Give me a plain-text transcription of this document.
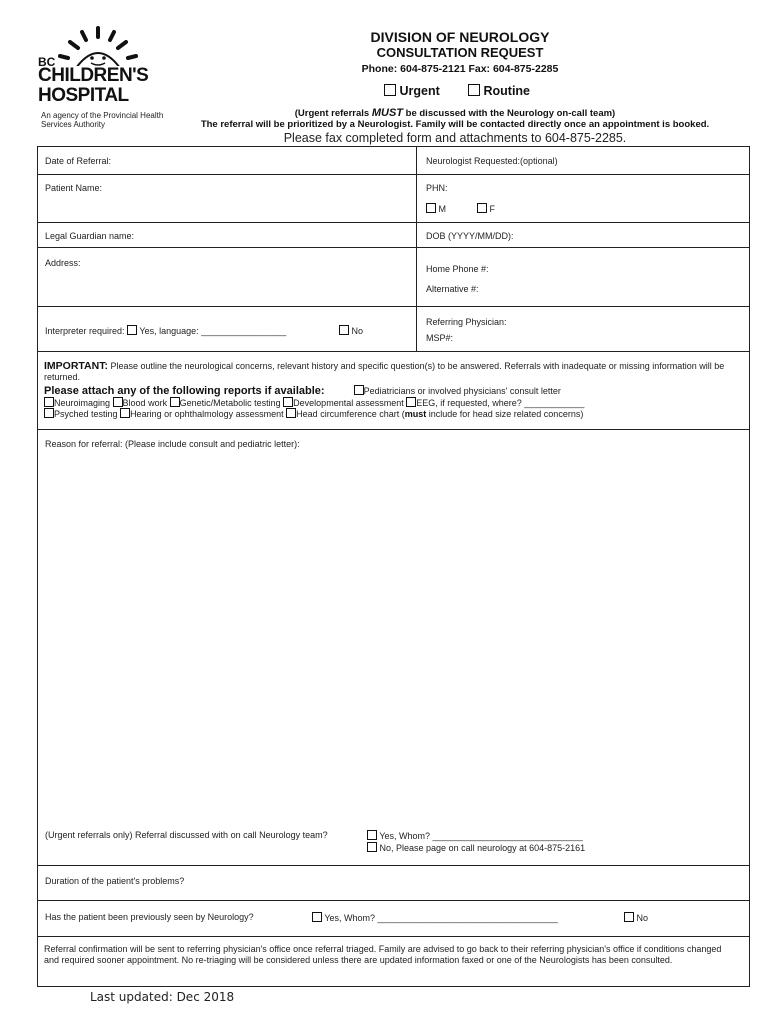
BC
CHILDREN'S
HOSPITAL
An agency of the Provincial Health Services Authority
DIVISION OF NEUROLOGY
CONSULTATION REQUEST
Phone: 604-875-2121 Fax: 604-875-2285
Urgent	Routine
(Urgent referrals MUST be discussed with the Neurology on-call team)
The referral will be prioritized by a Neurologist. Family will be contacted directly once an appointment is booked.
Please fax completed form and attachments to 604-875-2285.
Date of Referral:	Neurologist Requested:(optional)
Patient Name:	PHN:
M	F
Legal Guardian name:	DOB (YYYY/MM/DD):
Address:
Home Phone #:
Alternative #:
Interpreter required: Yes, language: _________________	No
Referring Physician:
MSP#:
IMPORTANT: Please outline the neurological concerns, relevant history and specific question(s) to be answered. Referrals with inadequate or missing information will be returned.
Please attach any of the following reports if available:	Pediatricians or involved physicians' consult letter
Neuroimaging Blood work Genetic/Metabolic testing Developmental assessment EEG, if requested, where? ____________
Psyched testing Hearing or ophthalmology assessment Head circumference chart (must include for head size related concerns)
Reason for referral: (Please include consult and pediatric letter):
(Urgent referrals only) Referral discussed with on call Neurology team?	Yes, Whom? ______________________________
No, Please page on call neurology at 604-875-2161
Duration of the patient's problems?
Has the patient been previously seen by Neurology?	Yes, Whom? ____________________________________	No
Referral confirmation will be sent to referring physician's office once referral triaged. Family are advised to go back to their referring physician's office if conditions changed and required sooner appointment. No re-triaging will be considered unless there are updated information faxed or one of the Neurologists has been consulted.
Last updated: Dec 2018
